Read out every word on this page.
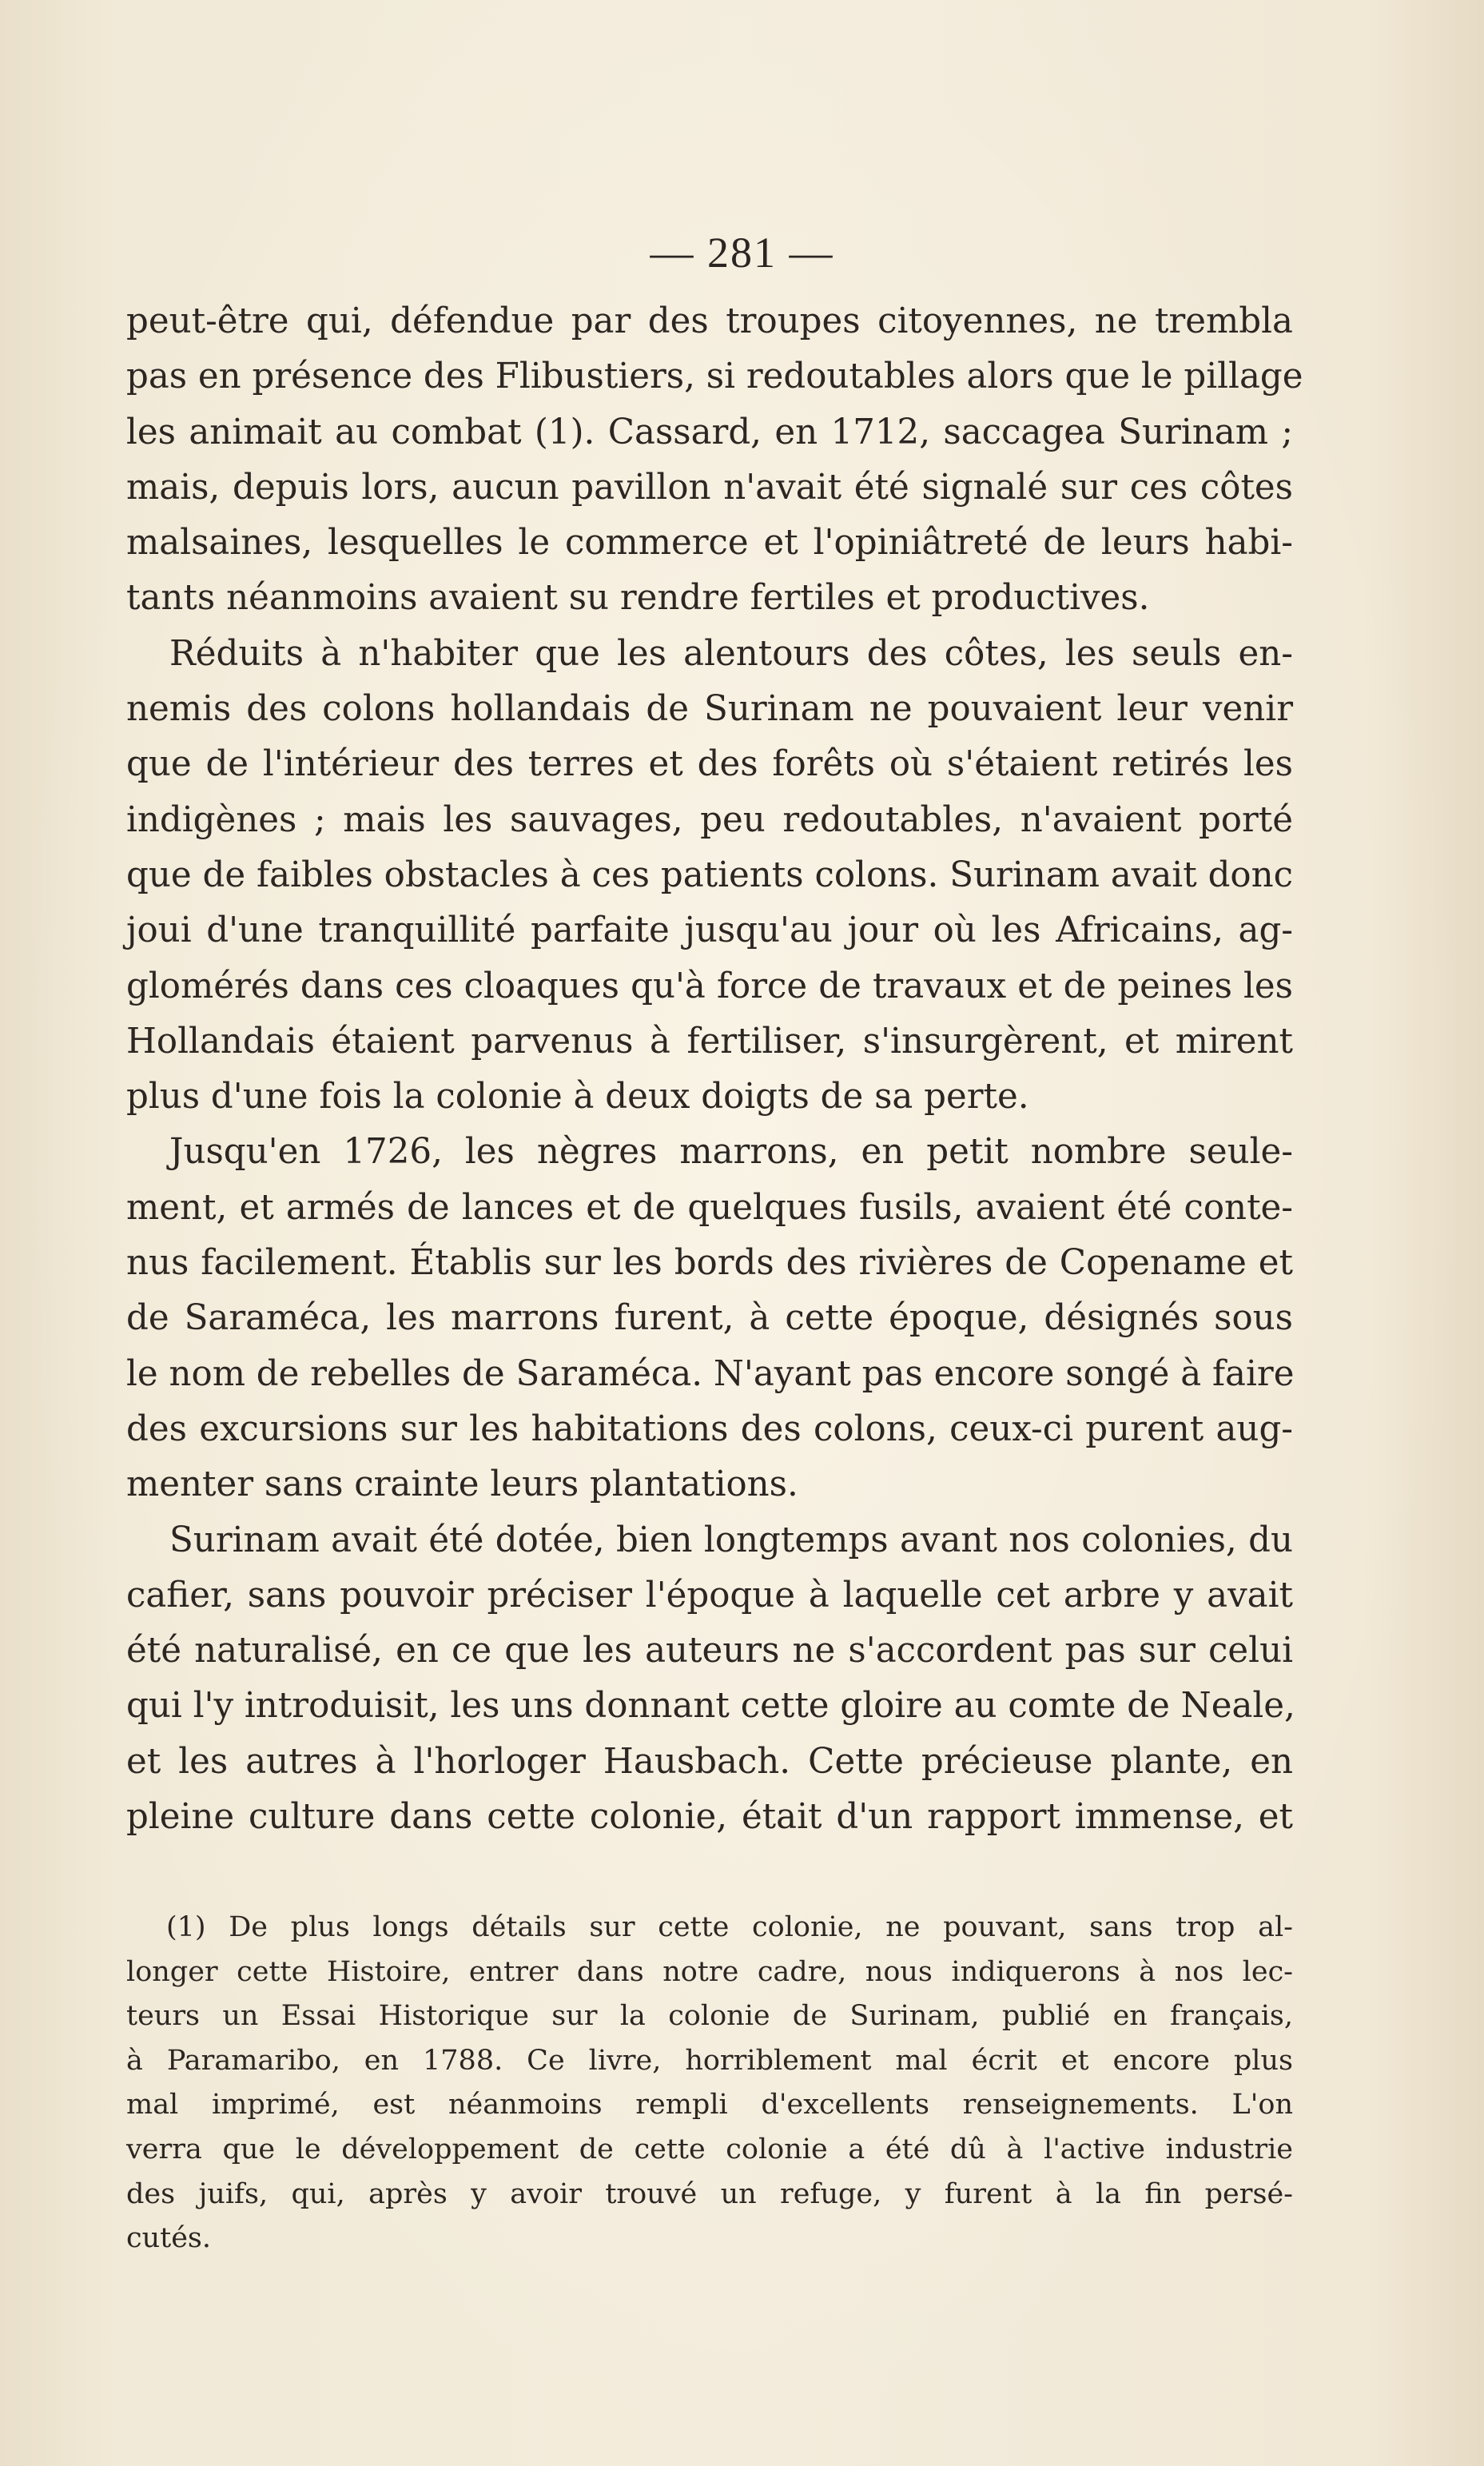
— 281 —
peut-être qui, défendue par des troupes citoyennes, ne trembla
pas en présence des Flibustiers, si redoutables alors que le pillage
les animait au combat (1). Cassard, en 1712, saccagea Surinam ;
mais, depuis lors, aucun pavillon n'avait été signalé sur ces côtes
malsaines, lesquelles le commerce et l'opiniâtreté de leurs habi-
tants néanmoins avaient su rendre fertiles et productives.
Réduits à n'habiter que les alentours des côtes, les seuls en-
nemis des colons hollandais de Surinam ne pouvaient leur venir
que de l'intérieur des terres et des forêts où s'étaient retirés les
indigènes ; mais les sauvages, peu redoutables, n'avaient porté
que de faibles obstacles à ces patients colons. Surinam avait donc
joui d'une tranquillité parfaite jusqu'au jour où les Africains, ag-
glomérés dans ces cloaques qu'à force de travaux et de peines les
Hollandais étaient parvenus à fertiliser, s'insurgèrent, et mirent
plus d'une fois la colonie à deux doigts de sa perte.
Jusqu'en 1726, les nègres marrons, en petit nombre seule-
ment, et armés de lances et de quelques fusils, avaient été conte-
nus facilement. Établis sur les bords des rivières de Copename et
de Saraméca, les marrons furent, à cette époque, désignés sous
le nom de rebelles de Saraméca. N'ayant pas encore songé à faire
des excursions sur les habitations des colons, ceux-ci purent aug-
menter sans crainte leurs plantations.
Surinam avait été dotée, bien longtemps avant nos colonies, du
cafier, sans pouvoir préciser l'époque à laquelle cet arbre y avait
été naturalisé, en ce que les auteurs ne s'accordent pas sur celui
qui l'y introduisit, les uns donnant cette gloire au comte de Neale,
et les autres à l'horloger Hausbach. Cette précieuse plante, en
pleine culture dans cette colonie, était d'un rapport immense, et
(1) De plus longs détails sur cette colonie, ne pouvant, sans trop al-
longer cette Histoire, entrer dans notre cadre, nous indiquerons à nos lec-
teurs un Essai Historique sur la colonie de Surinam, publié en français,
à Paramaribo, en 1788. Ce livre, horriblement mal écrit et encore plus
mal imprimé, est néanmoins rempli d'excellents renseignements. L'on
verra que le développement de cette colonie a été dû à l'active industrie
des juifs, qui, après y avoir trouvé un refuge, y furent à la fin persé-
cutés.
